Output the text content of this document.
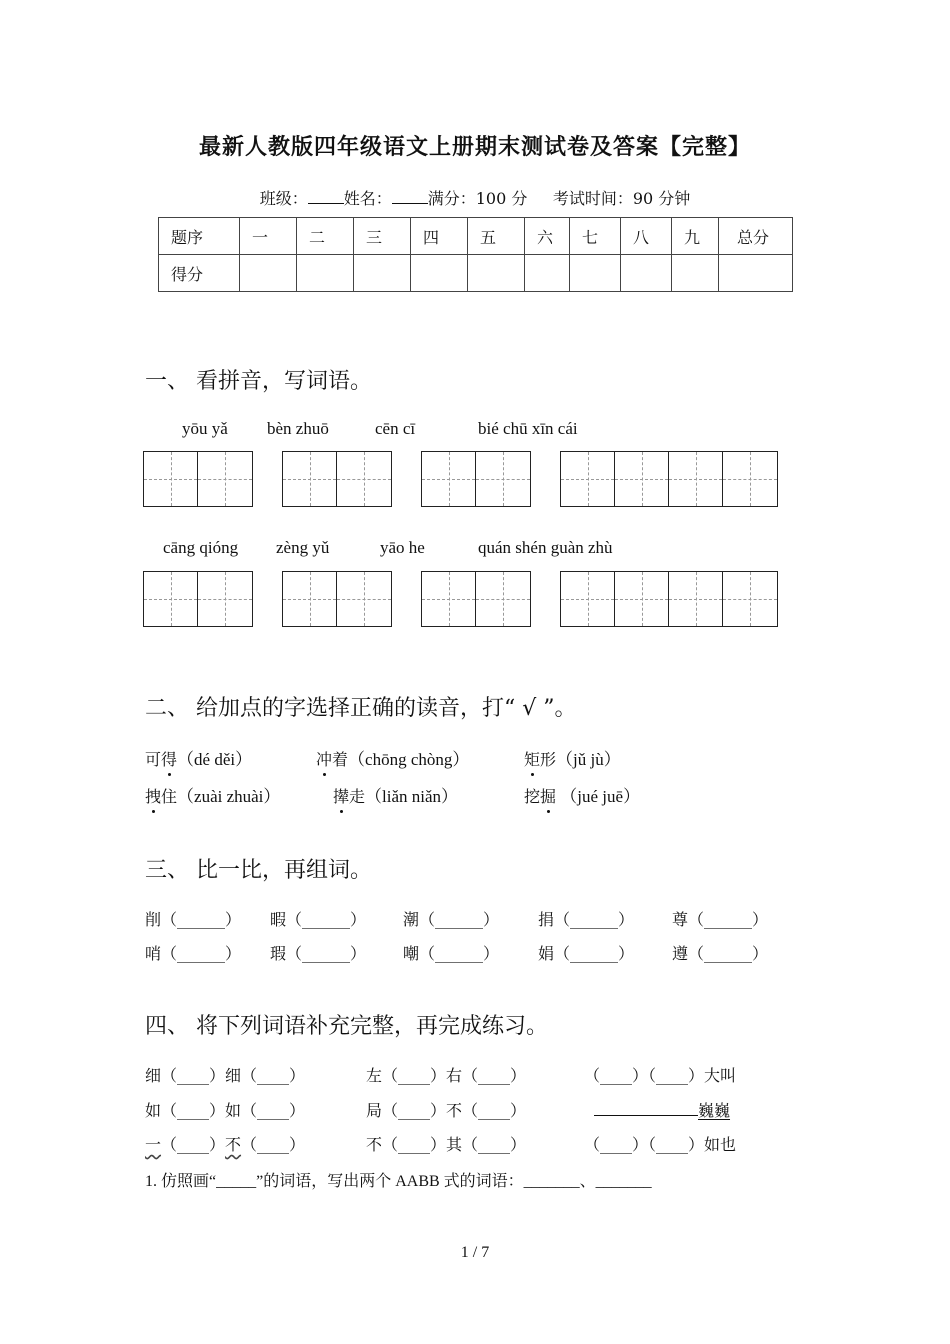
最新人教版四年级语文上册期末测试卷及答案【完整】
班级： 姓名： 满分：100 分 考试时间：90 分钟
题序	一	二	三	四	五	六	七	八	九	总分
得分										
一、 看拼音，写词语。
yōu yǎ bèn zhuō	cēn cī	bié chū xīn cái
cāng qióng zèng yǔ	yāo he	quán shén guàn zhù
二、 给加点的字选择正确的读音，打“ √ ”。
可得（dé děi）	冲着（chōng chòng）	矩形（jǔ jù）
拽住（zuài zhuài）	撵走（liǎn niǎn）	挖掘 （jué juē）
三、 比一比，再组词。
削（______） 暇（______） 潮（______） 捐（______） 尊（______）
哨（______） 瑕（______） 嘲（______） 娟（______） 遵（______）
四、 将下列词语补充完整，再完成练习。
细（____）细（____）	左（____）右（____）	（____）（____）大叫
如（____）如（____）	局（____）不（____）	巍巍
一（____）不（____）	不（____）其（____）	（____）（____）如也
1. 仿照画“_____”的词语，写出两个 AABB 式的词语：_______、_______
1 / 7
